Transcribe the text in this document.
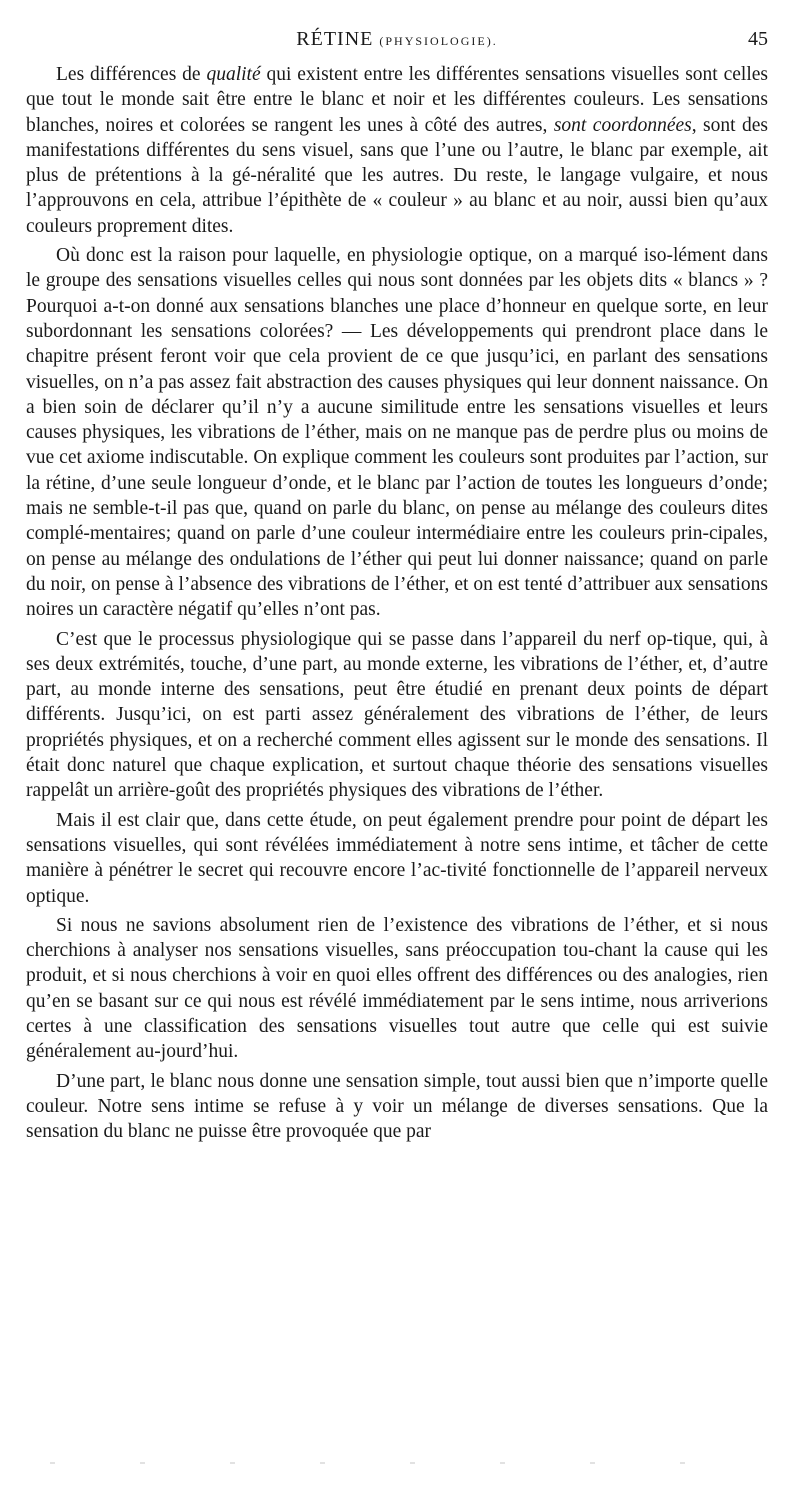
RÉTINE (PHYSIOLOGIE).	45

Les différences de qualité qui existent entre les différentes sensations visuelles sont celles que tout le monde sait être entre le blanc et noir et les différentes couleurs. Les sensations blanches, noires et colorées se rangent les unes à côté des autres, sont coordonnées, sont des manifestations différentes du sens visuel, sans que l’une ou l’autre, le blanc par exemple, ait plus de prétentions à la gé-néralité que les autres. Du reste, le langage vulgaire, et nous l’approuvons en cela, attribue l’épithète de « couleur » au blanc et au noir, aussi bien qu’aux couleurs proprement dites.

Où donc est la raison pour laquelle, en physiologie optique, on a marqué iso-lément dans le groupe des sensations visuelles celles qui nous sont données par les objets dits « blancs » ? Pourquoi a-t-on donné aux sensations blanches une place d’honneur en quelque sorte, en leur subordonnant les sensations colorées? — Les développements qui prendront place dans le chapitre présent feront voir que cela provient de ce que jusqu’ici, en parlant des sensations visuelles, on n’a pas assez fait abstraction des causes physiques qui leur donnent naissance. On a bien soin de déclarer qu’il n’y a aucune similitude entre les sensations visuelles et leurs causes physiques, les vibrations de l’éther, mais on ne manque pas de perdre plus ou moins de vue cet axiome indiscutable. On explique comment les couleurs sont produites par l’action, sur la rétine, d’une seule longueur d’onde, et le blanc par l’action de toutes les longueurs d’onde; mais ne semble-t-il pas que, quand on parle du blanc, on pense au mélange des couleurs dites complé-mentaires; quand on parle d’une couleur intermédiaire entre les couleurs prin-cipales, on pense au mélange des ondulations de l’éther qui peut lui donner naissance; quand on parle du noir, on pense à l’absence des vibrations de l’éther, et on est tenté d’attribuer aux sensations noires un caractère négatif qu’elles n’ont pas.

C’est que le processus physiologique qui se passe dans l’appareil du nerf op-tique, qui, à ses deux extrémités, touche, d’une part, au monde externe, les vibrations de l’éther, et, d’autre part, au monde interne des sensations, peut être étudié en prenant deux points de départ différents. Jusqu’ici, on est parti assez généralement des vibrations de l’éther, de leurs propriétés physiques, et on a recherché comment elles agissent sur le monde des sensations. Il était donc naturel que chaque explication, et surtout chaque théorie des sensations visuelles rappelât un arrière-goût des propriétés physiques des vibrations de l’éther.

Mais il est clair que, dans cette étude, on peut également prendre pour point de départ les sensations visuelles, qui sont révélées immédiatement à notre sens intime, et tâcher de cette manière à pénétrer le secret qui recouvre encore l’ac-tivité fonctionnelle de l’appareil nerveux optique.

Si nous ne savions absolument rien de l’existence des vibrations de l’éther, et si nous cherchions à analyser nos sensations visuelles, sans préoccupation tou-chant la cause qui les produit, et si nous cherchions à voir en quoi elles offrent des différences ou des analogies, rien qu’en se basant sur ce qui nous est révélé immédiatement par le sens intime, nous arriverions certes à une classification des sensations visuelles tout autre que celle qui est suivie généralement au-jourd’hui.

D’une part, le blanc nous donne une sensation simple, tout aussi bien que n’importe quelle couleur. Notre sens intime se refuse à y voir un mélange de diverses sensations. Que la sensation du blanc ne puisse être provoquée que par
